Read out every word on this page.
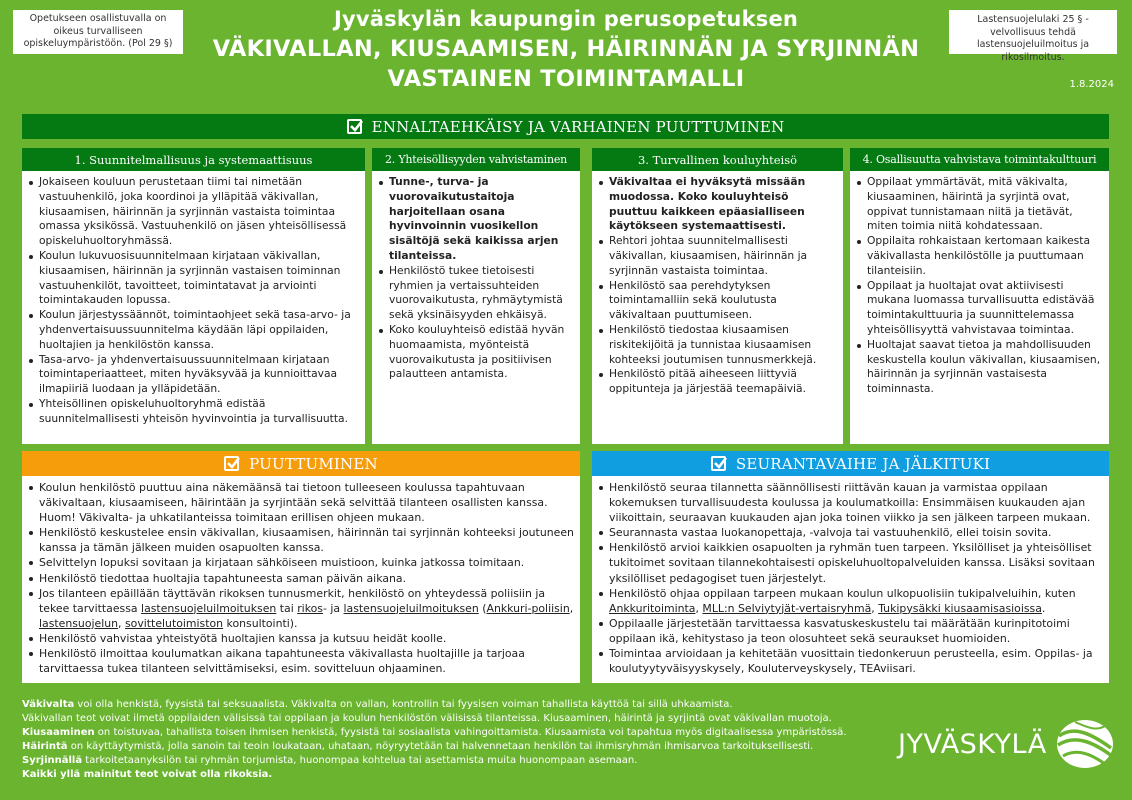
Opetukseen osallistuvalla on oikeus turvalliseen opiskeluympäristöön. (Pol 29 §)
Lastensuojelulaki 25 § - velvollisuus tehdä lastensuojeluilmoitus ja rikosilmoitus.
Jyväskylän kaupungin perusopetuksen
VÄKIVALLAN, KIUSAAMISEN, HÄIRINNÄN JA SYRJINNÄN
VASTAINEN TOIMINTAMALLI	1.8.2024
ENNALTAEHKÄISY JA VARHAINEN PUUTTUMINEN
1. Suunnitelmallisuus ja systemaattisuus
Jokaiseen kouluun perustetaan tiimi tai nimetään vastuuhenkilö, joka koordinoi ja ylläpitää väkivallan, kiusaamisen, häirinnän ja syrjinnän vastaista toimintaa omassa yksikössä. Vastuuhenkilö on jäsen yhteisöllisessä opiskeluhuoltoryhmässä.
Koulun lukuvuosisuunnitelmaan kirjataan väkivallan, kiusaamisen, häirinnän ja syrjinnän vastaisen toiminnan vastuuhenkilöt, tavoitteet, toimintatavat ja arviointi toimintakauden lopussa.
Koulun järjestyssäännöt, toimintaohjeet sekä tasa-arvo- ja yhdenvertaisuussuunnitelma käydään läpi oppilaiden, huoltajien ja henkilöstön kanssa.
Tasa-arvo- ja yhdenvertaisuussuunnitelmaan kirjataan toimintaperiaatteet, miten hyväksyvää ja kunnioittavaa ilmapiiriä luodaan ja ylläpidetään.
Yhteisöllinen opiskeluhuoltoryhmä edistää suunnitelmallisesti yhteisön hyvinvointia ja turvallisuutta.
2. Yhteisöllisyyden vahvistaminen
Tunne-, turva- ja vuorovaikutustaitoja harjoitellaan osana hyvinvoinnin vuosikellon sisältöjä sekä kaikissa arjen tilanteissa.
Henkilöstö tukee tietoisesti ryhmien ja vertaissuhteiden vuorovaikutusta, ryhmäytymistä sekä yksinäisyyden ehkäisyä.
Koko kouluyhteisö edistää hyvän huomaamista, myönteistä vuorovaikutusta ja positiivisen palautteen antamista.
3. Turvallinen kouluyhteisö
Väkivaltaa ei hyväksytä missään muodossa. Koko kouluyhteisö puuttuu kaikkeen epäasialliseen käytökseen systemaattisesti.
Rehtori johtaa suunnitelmallisesti väkivallan, kiusaamisen, häirinnän ja syrjinnän vastaista toimintaa.
Henkilöstö saa perehdytyksen toimintamalliin sekä koulutusta väkivaltaan puuttumiseen.
Henkilöstö tiedostaa kiusaamisen riskitekijöitä ja tunnistaa kiusaamisen kohteeksi joutumisen tunnusmerkkejä.
Henkilöstö pitää aiheeseen liittyviä oppitunteja ja järjestää teemapäiviä.
4. Osallisuutta vahvistava toimintakulttuuri
Oppilaat ymmärtävät, mitä väkivalta, kiusaaminen, häirintä ja syrjintä ovat, oppivat tunnistamaan niitä ja tietävät, miten toimia niitä kohdatessaan.
Oppilaita rohkaistaan kertomaan kaikesta väkivallasta henkilöstölle ja puuttumaan tilanteisiin.
Oppilaat ja huoltajat ovat aktiivisesti mukana luomassa turvallisuutta edistävää toimintakulttuuria ja suunnittelemassa yhteisöllisyyttä vahvistavaa toimintaa.
Huoltajat saavat tietoa ja mahdollisuuden keskustella koulun väkivallan, kiusaamisen, häirinnän ja syrjinnän vastaisesta toiminnasta.
PUUTTUMINEN
Koulun henkilöstö puuttuu aina näkemäänsä tai tietoon tulleeseen koulussa tapahtuvaan väkivaltaan, kiusaamiseen, häirintään ja syrjintään sekä selvittää tilanteen osallisten kanssa. Huom! Väkivalta- ja uhkatilanteissa toimitaan erillisen ohjeen mukaan.
Henkilöstö keskustelee ensin väkivallan, kiusaamisen, häirinnän tai syrjinnän kohteeksi joutuneen kanssa ja tämän jälkeen muiden osapuolten kanssa.
Selvittelyn lopuksi sovitaan ja kirjataan sähköiseen muistioon, kuinka jatkossa toimitaan.
Henkilöstö tiedottaa huoltajia tapahtuneesta saman päivän aikana.
Jos tilanteen epäillään täyttävän rikoksen tunnusmerkit, henkilöstö on yhteydessä poliisiin ja tekee tarvittaessa lastensuojeluilmoituksen tai rikos- ja lastensuojeluilmoituksen (Ankkuri-poliisin, lastensuojelun, sovittelutoimiston konsultointi).
Henkilöstö vahvistaa yhteistyötä huoltajien kanssa ja kutsuu heidät koolle.
Henkilöstö ilmoittaa koulumatkan aikana tapahtuneesta väkivallasta huoltajille ja tarjoaa tarvittaessa tukea tilanteen selvittämiseksi, esim. sovitteluun ohjaaminen.
SEURANTAVAIHE JA JÄLKITUKI
Henkilöstö seuraa tilannetta säännöllisesti riittävän kauan ja varmistaa oppilaan kokemuksen turvallisuudesta koulussa ja koulumatkoilla: Ensimmäisen kuukauden ajan viikoittain, seuraavan kuukauden ajan joka toinen viikko ja sen jälkeen tarpeen mukaan.
Seurannasta vastaa luokanopettaja, -valvoja tai vastuuhenkilö, ellei toisin sovita.
Henkilöstö arvioi kaikkien osapuolten ja ryhmän tuen tarpeen. Yksilölliset ja yhteisölliset tukitoimet sovitaan tilannekohtaisesti opiskeluhuoltopalveluiden kanssa. Lisäksi sovitaan yksilölliset pedagogiset tuen järjestelyt.
Henkilöstö ohjaa oppilaan tarpeen mukaan koulun ulkopuolisiin tukipalveluihin, kuten Ankkuritoiminta, MLL:n Selviytyjät-vertaisryhmä, Tukipysäkki kiusaamisasioissa.
Oppilaalle järjestetään tarvittaessa kasvatuskeskustelu tai määrätään kurinpitotoimi oppilaan ikä, kehitystaso ja teon olosuhteet sekä seuraukset huomioiden.
Toimintaa arvioidaan ja kehitetään vuosittain tiedonkeruun perusteella, esim. Oppilas- ja koulutyytyväisyyskysely, Kouluterveyskysely, TEAviisari.
Väkivalta voi olla henkistä, fyysistä tai seksuaalista. Väkivalta on vallan, kontrollin tai fyysisen voiman tahallista käyttöä tai sillä uhkaamista.
Väkivallan teot voivat ilmetä oppilaiden välisissä tai oppilaan ja koulun henkilöstön välisissä tilanteissa. Kiusaaminen, häirintä ja syrjintä ovat väkivallan muotoja.
Kiusaaminen on toistuvaa, tahallista toisen ihmisen henkistä, fyysistä tai sosiaalista vahingoittamista. Kiusaamista voi tapahtua myös digitaalisessa ympäristössä.
Häirintä on käyttäytymistä, jolla sanoin tai teoin loukataan, uhataan, nöyryytetään tai halvennetaan henkilön tai ihmisryhmän ihmisarvoa tarkoituksellisesti.
Syrjinnällä tarkoitetaanyksilön tai ryhmän torjumista, huonompaa kohtelua tai asettamista muita huonompaan asemaan.
Kaikki yllä mainitut teot voivat olla rikoksia.
JYVÄSKYLÄ
